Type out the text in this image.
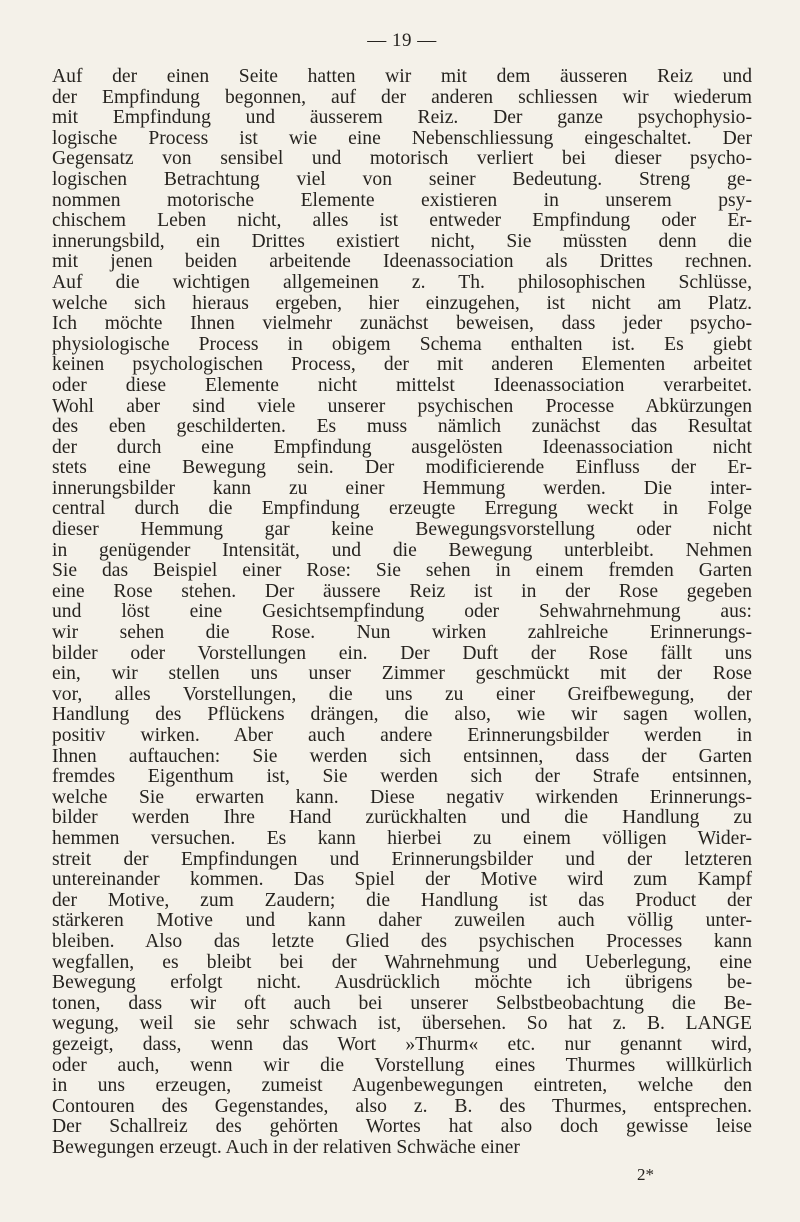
— 19 —
Auf der einen Seite hatten wir mit dem äusseren Reiz und
der Empfindung begonnen, auf der anderen schliessen wir wiederum
mit Empfindung und äusserem Reiz. Der ganze psychophysio-
logische Process ist wie eine Nebenschliessung eingeschaltet. Der
Gegensatz von sensibel und motorisch verliert bei dieser psycho-
logischen Betrachtung viel von seiner Bedeutung. Streng ge-
nommen motorische Elemente existieren in unserem psy-
chischem Leben nicht, alles ist entweder Empfindung oder Er-
innerungsbild, ein Drittes existiert nicht, Sie müssten denn die
mit jenen beiden arbeitende Ideenassociation als Drittes rechnen.
Auf die wichtigen allgemeinen z. Th. philosophischen Schlüsse,
welche sich hieraus ergeben, hier einzugehen, ist nicht am Platz.
Ich möchte Ihnen vielmehr zunächst beweisen, dass jeder psycho-
physiologische Process in obigem Schema enthalten ist. Es giebt
keinen psychologischen Process, der mit anderen Elementen arbeitet
oder diese Elemente nicht mittelst Ideenassociation verarbeitet.
Wohl aber sind viele unserer psychischen Processe Abkürzungen
des eben geschilderten. Es muss nämlich zunächst das Resultat
der durch eine Empfindung ausgelösten Ideenassociation nicht
stets eine Bewegung sein. Der modificierende Einfluss der Er-
innerungsbilder kann zu einer Hemmung werden. Die inter-
central durch die Empfindung erzeugte Erregung weckt in Folge
dieser Hemmung gar keine Bewegungsvorstellung oder nicht
in genügender Intensität, und die Bewegung unterbleibt. Nehmen
Sie das Beispiel einer Rose: Sie sehen in einem fremden Garten
eine Rose stehen. Der äussere Reiz ist in der Rose gegeben
und löst eine Gesichtsempfindung oder Sehwahrnehmung aus:
wir sehen die Rose. Nun wirken zahlreiche Erinnerungs-
bilder oder Vorstellungen ein. Der Duft der Rose fällt uns
ein, wir stellen uns unser Zimmer geschmückt mit der Rose
vor, alles Vorstellungen, die uns zu einer Greifbewegung, der
Handlung des Pflückens drängen, die also, wie wir sagen wollen,
positiv wirken. Aber auch andere Erinnerungsbilder werden in
Ihnen auftauchen: Sie werden sich entsinnen, dass der Garten
fremdes Eigenthum ist, Sie werden sich der Strafe entsinnen,
welche Sie erwarten kann. Diese negativ wirkenden Erinnerungs-
bilder werden Ihre Hand zurückhalten und die Handlung zu
hemmen versuchen. Es kann hierbei zu einem völligen Wider-
streit der Empfindungen und Erinnerungsbilder und der letzteren
untereinander kommen. Das Spiel der Motive wird zum Kampf
der Motive, zum Zaudern; die Handlung ist das Product der
stärkeren Motive und kann daher zuweilen auch völlig unter-
bleiben. Also das letzte Glied des psychischen Processes kann
wegfallen, es bleibt bei der Wahrnehmung und Ueberlegung, eine
Bewegung erfolgt nicht. Ausdrücklich möchte ich übrigens be-
tonen, dass wir oft auch bei unserer Selbstbeobachtung die Be-
wegung, weil sie sehr schwach ist, übersehen. So hat z. B. LANGE
gezeigt, dass, wenn das Wort »Thurm« etc. nur genannt wird,
oder auch, wenn wir die Vorstellung eines Thurmes willkürlich
in uns erzeugen, zumeist Augenbewegungen eintreten, welche den
Contouren des Gegenstandes, also z. B. des Thurmes, entsprechen.
Der Schallreiz des gehörten Wortes hat also doch gewisse leise
Bewegungen erzeugt. Auch in der relativen Schwäche einer
2*
